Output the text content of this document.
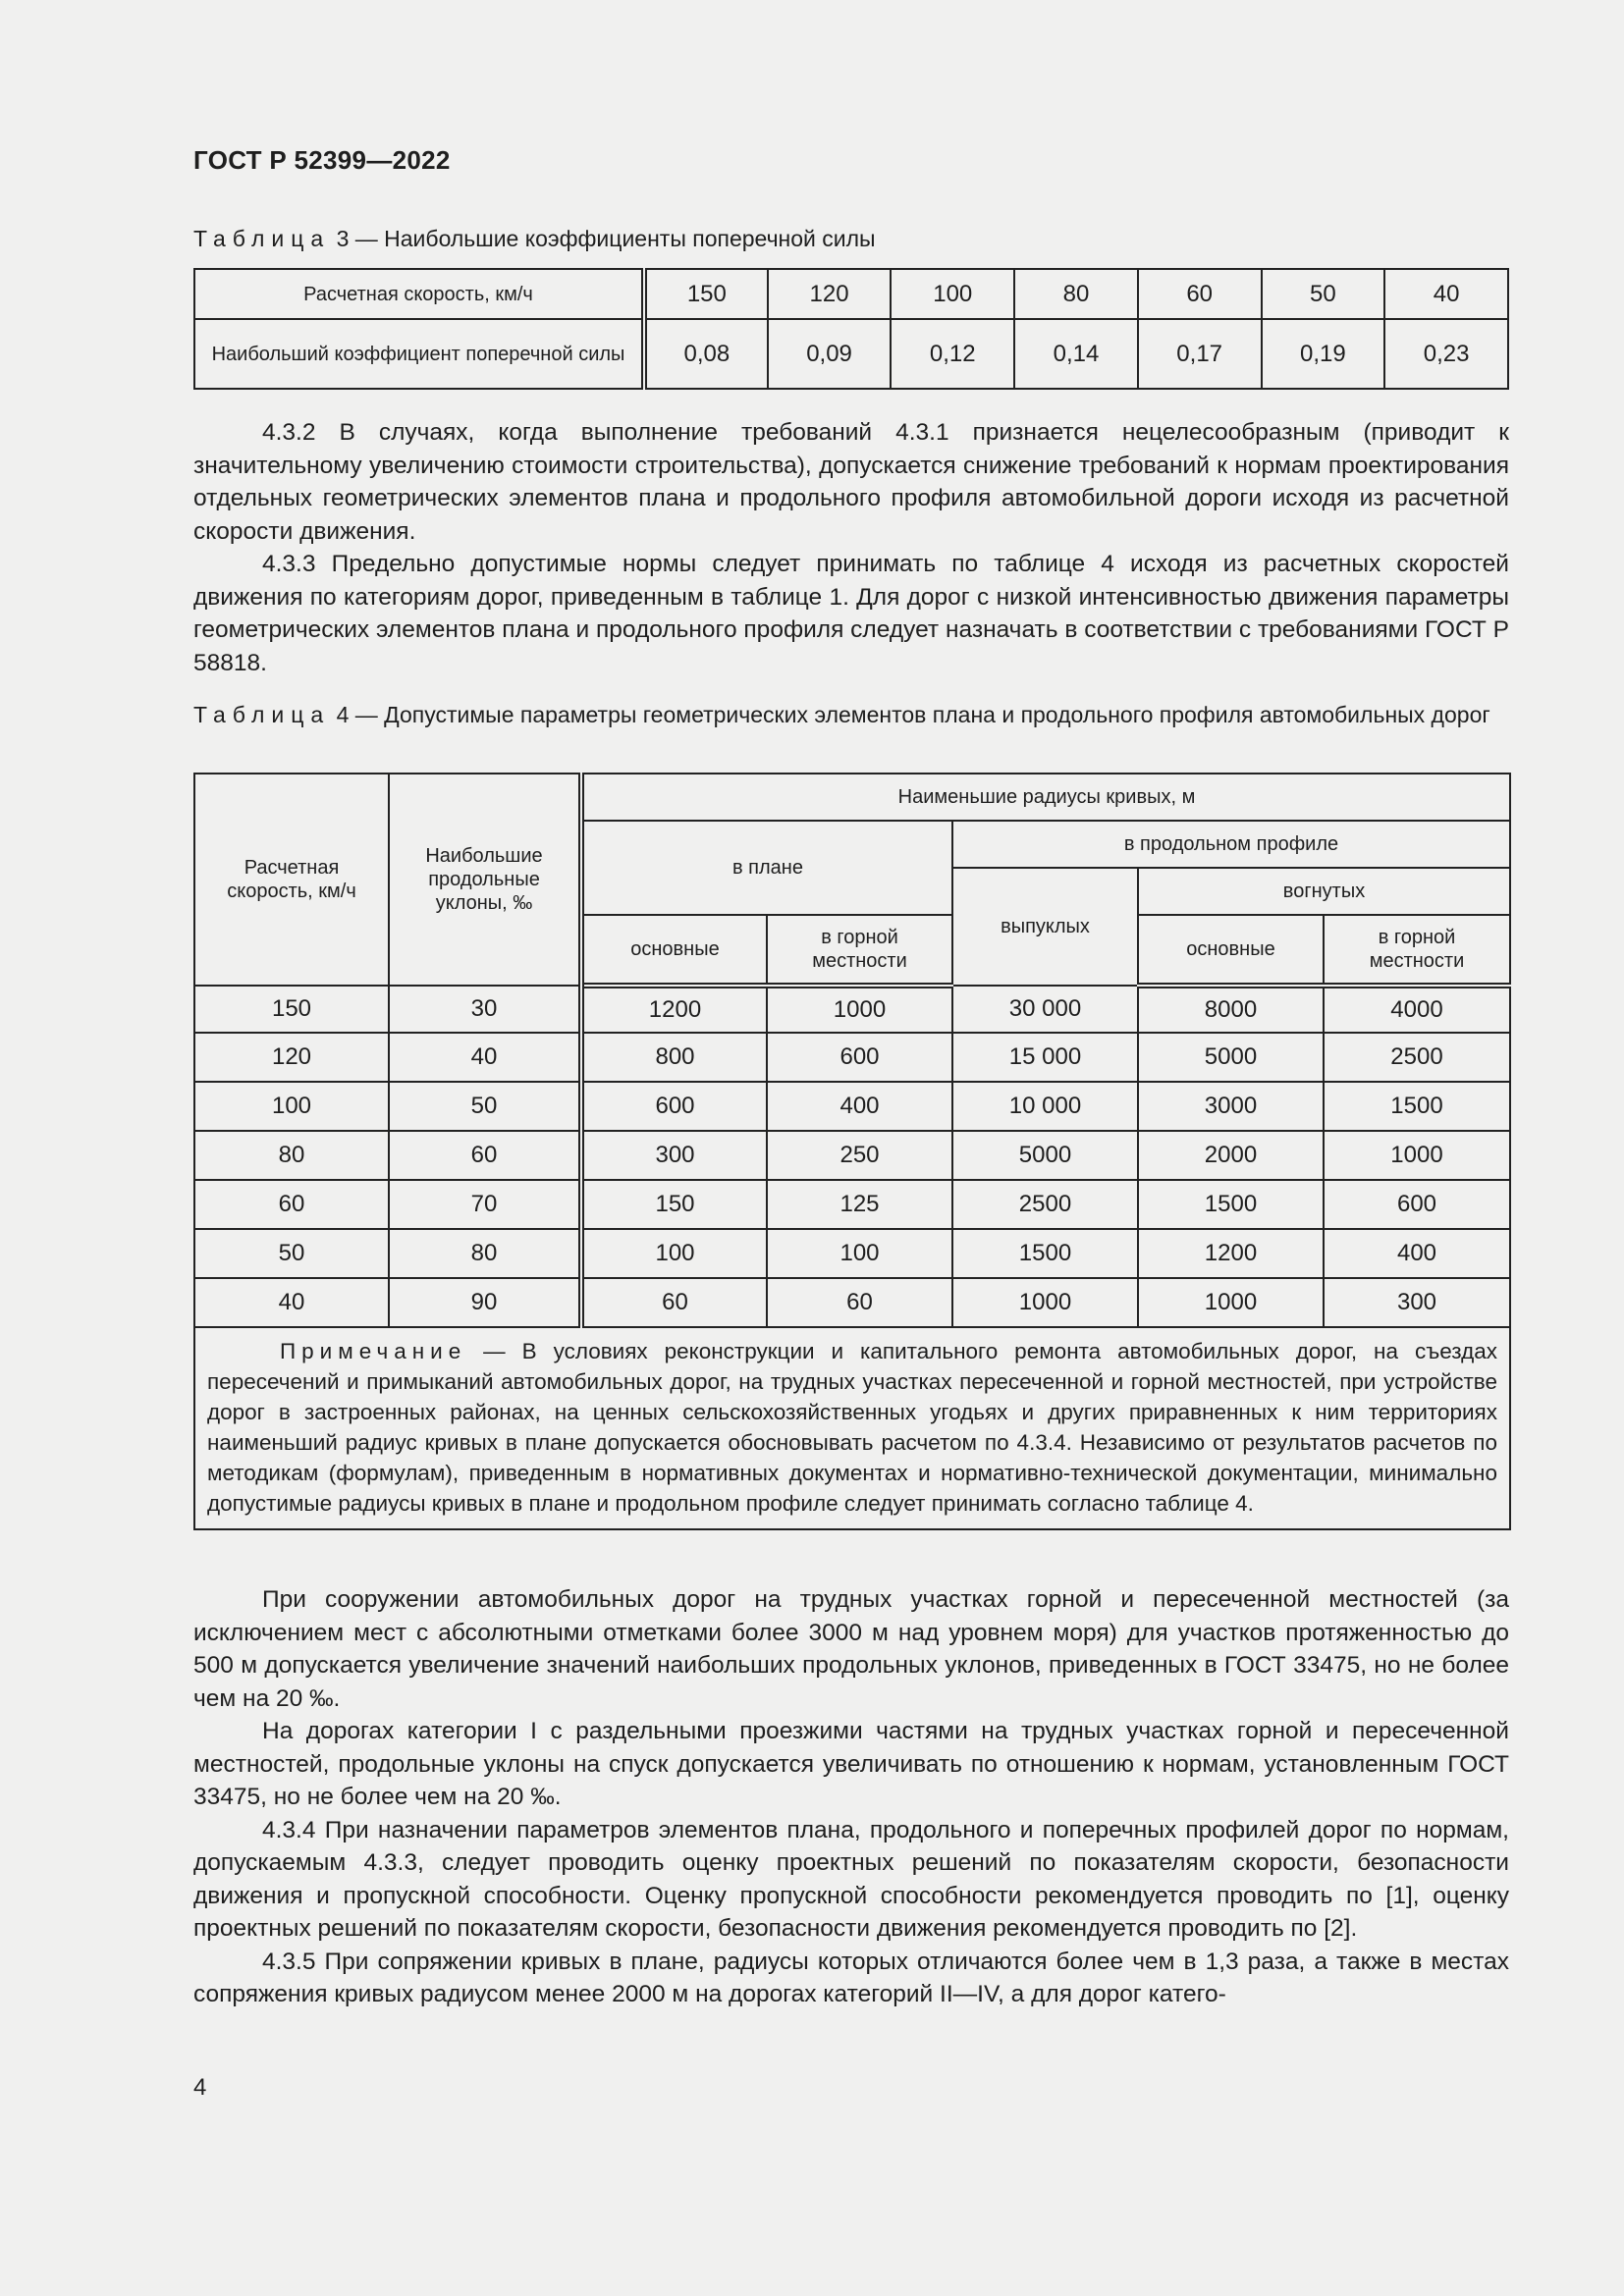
ГОСТ Р 52399—2022
Таблица 3 — Наибольшие коэффициенты поперечной силы
Расчетная скорость, км/ч	150	120	100	80	60	50	40
Наибольший коэффициент поперечной силы	0,08	0,09	0,12	0,14	0,17	0,19	0,23

4.3.2 В случаях, когда выполнение требований 4.3.1 признается нецелесообразным (приводит к значительному увеличению стоимости строительства), допускается снижение требований к нормам проектирования отдельных геометрических элементов плана и продольного профиля автомобильной дороги исходя из расчетной скорости движения.

4.3.3 Предельно допустимые нормы следует принимать по таблице 4 исходя из расчетных скоростей движения по категориям дорог, приведенным в таблице 1. Для дорог с низкой интенсивностью движения параметры геометрических элементов плана и продольного профиля следует назначать в соответствии с требованиями ГОСТ Р 58818.

Таблица 4 — Допустимые параметры геометрических элементов плана и продольного профиля автомобильных дорог
Расчетная скорость, км/ч	Наибольшие продольные уклоны, ‰	Наименьшие радиусы кривых, м				
		в плане		в продольном профиле		
				выпуклых	вогнутых	
		основные	в горной местности		основные	в горной местности
150	30	1200	1000	30 000	8000	4000
120	40	800	600	15 000	5000	2500
100	50	600	400	10 000	3000	1500
80	60	300	250	5000	2000	1000
60	70	150	125	2500	1500	600
50	80	100	100	1500	1200	400
40	90	60	60	1000	1000	300
Примечание — В условиях реконструкции и капитального ремонта автомобильных дорог, на съездах пересечений и примыканий автомобильных дорог, на трудных участках пересеченной и горной местностей, при устройстве дорог в застроенных районах, на ценных сельскохозяйственных угодьях и других приравненных к ним территориях наименьший радиус кривых в плане допускается обосновывать расчетом по 4.3.4. Независимо от результатов расчетов по методикам (формулам), приведенным в нормативных документах и нормативно-технической документации, минимально допустимые радиусы кривых в плане и продольном профиле следует принимать согласно таблице 4.						

При сооружении автомобильных дорог на трудных участках горной и пересеченной местностей (за исключением мест с абсолютными отметками более 3000 м над уровнем моря) для участков протяженностью до 500 м допускается увеличение значений наибольших продольных уклонов, приведенных в ГОСТ 33475, но не более чем на 20 ‰.

На дорогах категории I с раздельными проезжими частями на трудных участках горной и пересеченной местностей, продольные уклоны на спуск допускается увеличивать по отношению к нормам, установленным ГОСТ 33475, но не более чем на 20 ‰.

4.3.4 При назначении параметров элементов плана, продольного и поперечных профилей дорог по нормам, допускаемым 4.3.3, следует проводить оценку проектных решений по показателям скорости, безопасности движения и пропускной способности. Оценку пропускной способности рекомендуется проводить по [1], оценку проектных решений по показателям скорости, безопасности движения рекомендуется проводить по [2].

4.3.5 При сопряжении кривых в плане, радиусы которых отличаются более чем в 1,3 раза, а также в местах сопряжения кривых радиусом менее 2000 м на дорогах категорий II—IV, а для дорог катего-

4
